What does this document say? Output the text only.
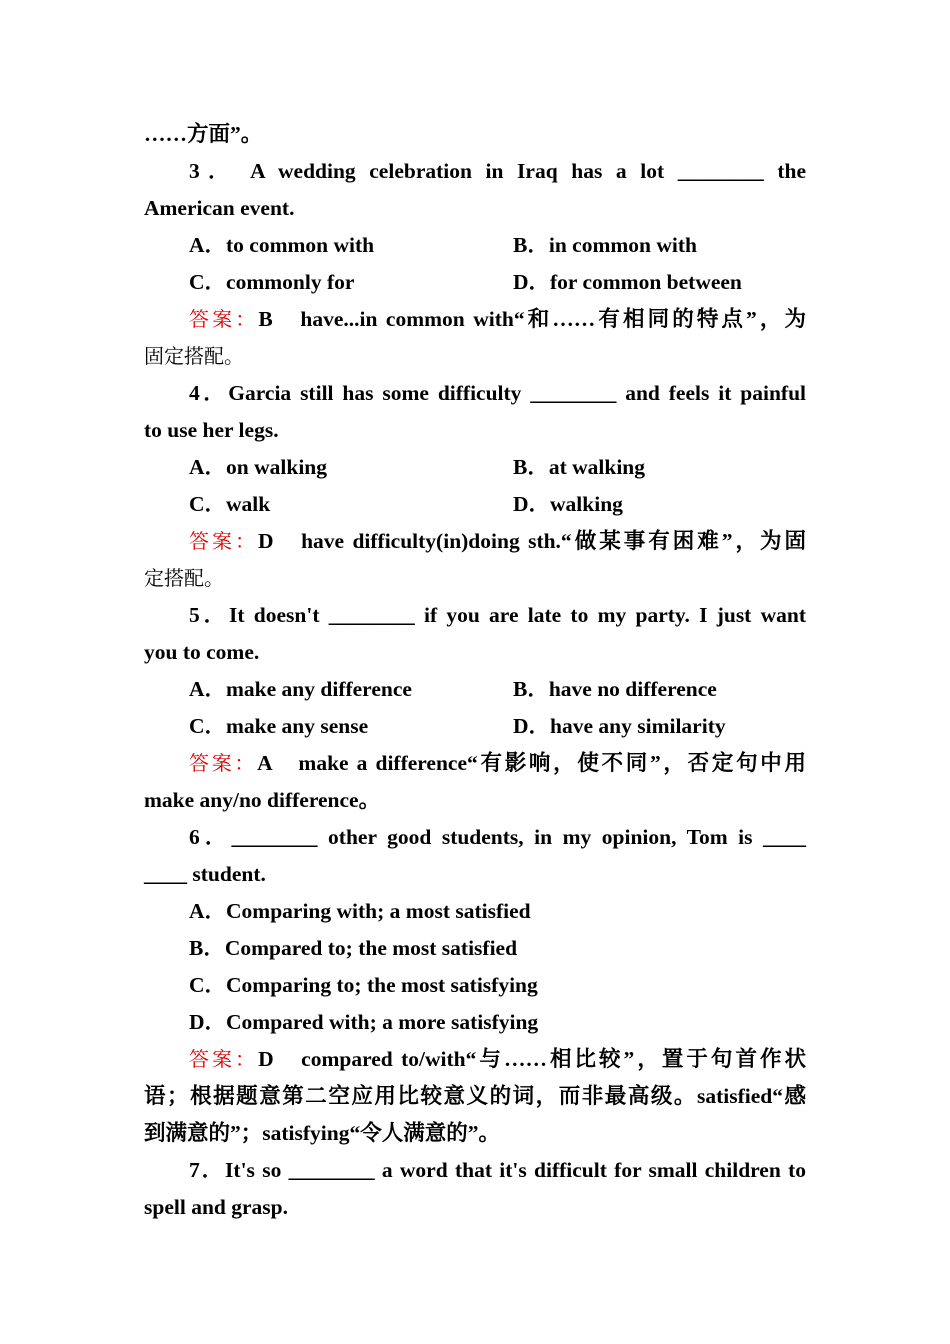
……方面”。
3． A wedding celebration in Iraq has a lot ________ the
American event.
A．to common with	B．in common with
C．commonly for	D．for common between
答案：B　have...in common with“和……有相同的特点”，为
固定搭配。
4．Garcia still has some difficulty ________ and feels it painful
to use her legs.
A．on walking	B．at walking
C．walk	D．walking
答案：D　have difficulty(in)doing sth.“做某事有困难”，为固
定搭配。
5．It doesn't ________ if you are late to my party. I just want
you to come.
A．make any difference	B．have no difference
C．make any sense	D．have any similarity
答案：A　make a difference“有影响，使不同”，否定句中用
make any/no difference。
6．________ other good students, in my opinion, Tom is ____
____ student.
A．Comparing with; a most satisfied
B．Compared to; the most satisfied
C．Comparing to; the most satisfying
D．Compared with; a more satisfying
答案：D　compared to/with“与……相比较”，置于句首作状
语；根据题意第二空应用比较意义的词，而非最高级。satisfied“感
到满意的”；satisfying“令人满意的”。
7．It's so ________ a word that it's difficult for small children to
spell and grasp.
